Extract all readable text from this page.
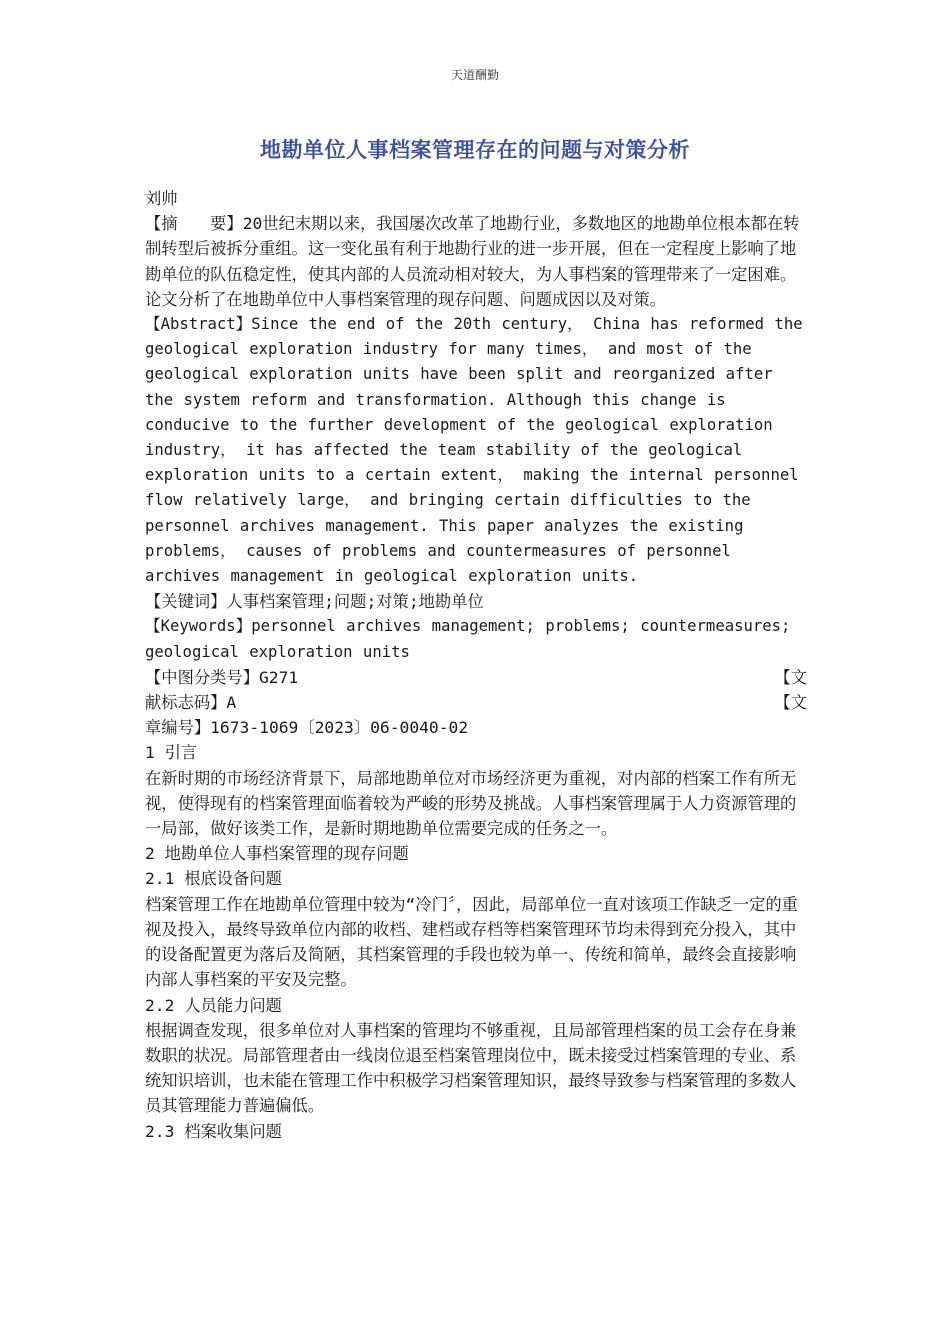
天道酬勤
地勘单位人事档案管理存在的问题与对策分析

刘帅

【摘　　要】20世纪末期以来，我国屡次改革了地勘行业，多数地区的地勘单位根本都在转制转型后被拆分重组。这一变化虽有利于地勘行业的进一步开展，但在一定程度上影响了地勘单位的队伍稳定性，使其内部的人员流动相对较大，为人事档案的管理带来了一定困难。论文分析了在地勘单位中人事档案管理的现存问题、问题成因以及对策。

【Abstract】Since the end of the 20th century， China has reformed the geological exploration industry for many times， and most of the geological exploration units have been split and reorganized after the system reform and transformation. Although this change is conducive to the further development of the geological exploration industry， it has affected the team stability of the geological exploration units to a certain extent， making the internal personnel flow relatively large， and bringing certain difficulties to the personnel archives management. This paper analyzes the existing problems， causes of problems and countermeasures of personnel archives management in geological exploration units.

【关键词】人事档案管理;问题;对策;地勘单位

【Keywords】personnel archives management; problems; countermeasures; geological exploration units

【中图分类号】G271	【文
献标志码】A	【文

章编号】1673-1069〔2023〕06-0040-02

1 引言

在新时期的市场经济背景下，局部地勘单位对市场经济更为重视，对内部的档案工作有所无视，使得现有的档案管理面临着较为严峻的形势及挑战。人事档案管理属于人力资源管理的一局部，做好该类工作，是新时期地勘单位需要完成的任务之一。

2 地勘单位人事档案管理的现存问题

2.1 根底设备问题

档案管理工作在地勘单位管理中较为“冷门〞，因此，局部单位一直对该项工作缺乏一定的重视及投入，最终导致单位内部的收档、建档或存档等档案管理环节均未得到充分投入，其中的设备配置更为落后及简陋，其档案管理的手段也较为单一、传统和简单，最终会直接影响内部人事档案的平安及完整。

2.2 人员能力问题

根据调查发现，很多单位对人事档案的管理均不够重视，且局部管理档案的员工会存在身兼数职的状况。局部管理者由一线岗位退至档案管理岗位中，既未接受过档案管理的专业、系统知识培训，也未能在管理工作中积极学习档案管理知识，最终导致参与档案管理的多数人员其管理能力普遍偏低。

2.3 档案收集问题
